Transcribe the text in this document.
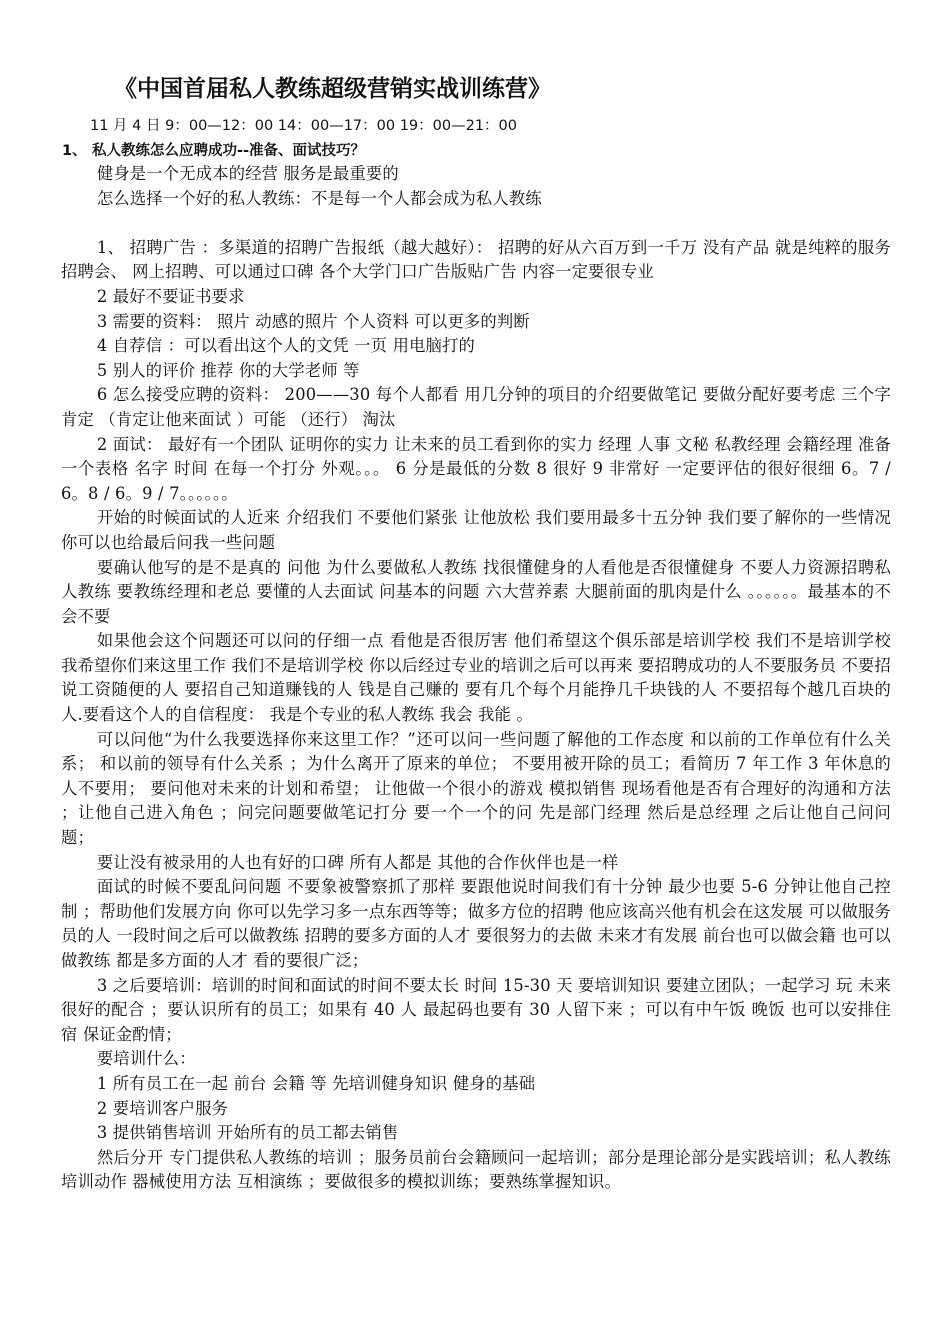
《中国首届私人教练超级营销实战训练营》
11 月 4 日 9：00—12：00 14：00—17：00 19：00—21：00
1、 私人教练怎么应聘成功--准备、面试技巧？

健身是一个无成本的经营 服务是最重要的

怎么选择一个好的私人教练：不是每一个人都会成为私人教练

1、 招聘广告 ：多渠道的招聘广告报纸（越大越好）： 招聘的好从六百万到一千万 没有产品 就是纯粹的服务招聘会、 网上招聘、可以通过口碑 各个大学门口广告版贴广告 内容一定要很专业

2 最好不要证书要求

3 需要的资料： 照片 动感的照片 个人资料 可以更多的判断

4 自荐信 ：可以看出这个人的文凭 一页 用电脑打的

5 别人的评价 推荐 你的大学老师 等

6 怎么接受应聘的资料： 200——30 每个人都看 用几分钟的项目的介绍要做笔记 要做分配好要考虑 三个字 肯定 （肯定让他来面试 ）可能 （还行） 淘汰

2 面试： 最好有一个团队 证明你的实力 让未来的员工看到你的实力 经理 人事 文秘 私教经理 会籍经理 准备一个表格 名字 时间 在每一个打分 外观。。。 6 分是最低的分数 8 很好 9 非常好 一定要评估的很好很细 6。7 / 6。8 / 6。9 / 7。。。。。。

开始的时候面试的人近来 介绍我们 不要他们紧张 让他放松 我们要用最多十五分钟 我们要了解你的一些情况 你可以也给最后问我一些问题

要确认他写的是不是真的 问他 为什么要做私人教练 找很懂健身的人看他是否很懂健身 不要人力资源招聘私人教练 要教练经理和老总 要懂的人去面试 问基本的问题 六大营养素 大腿前面的肌肉是什么 。。。。。。最基本的不会不要

如果他会这个问题还可以问的仔细一点 看他是否很厉害 他们希望这个俱乐部是培训学校 我们不是培训学校 我希望你们来这里工作 我们不是培训学校 你以后经过专业的培训之后可以再来 要招聘成功的人不要服务员 不要招说工资随便的人 要招自己知道赚钱的人 钱是自己赚的 要有几个每个月能挣几千块钱的人 不要招每个越几百块的人.要看这个人的自信程度： 我是个专业的私人教练 我会 我能 。

可以问他“为什么我要选择你来这里工作？”还可以问一些问题了解他的工作态度 和以前的工作单位有什么关系； 和以前的领导有什么关系 ；为什么离开了原来的单位； 不要用被开除的员工；看简历 7 年工作 3 年休息的人不要用； 要问他对未来的计划和希望； 让他做一个很小的游戏 模拟销售 现场看他是否有合理好的沟通和方法 ；让他自己进入角色 ；问完问题要做笔记打分 要一个一个的问 先是部门经理 然后是总经理 之后让他自己问问题；

要让没有被录用的人也有好的口碑 所有人都是 其他的合作伙伴也是一样

面试的时候不要乱问问题 不要象被警察抓了那样 要跟他说时间我们有十分钟 最少也要 5-6 分钟让他自己控制 ；帮助他们发展方向 你可以先学习多一点东西等等；做多方位的招聘 他应该高兴他有机会在这发展 可以做服务员的人 一段时间之后可以做教练 招聘的要多方面的人才 要很努力的去做 未来才有发展 前台也可以做会籍 也可以做教练 都是多方面的人才 看的要很广泛；

3 之后要培训：培训的时间和面试的时间不要太长 时间 15-30 天 要培训知识 要建立团队；一起学习 玩 未来很好的配合 ；要认识所有的员工；如果有 40 人 最起码也要有 30 人留下来 ；可以有中午饭 晚饭 也可以安排住宿 保证金酌情；

要培训什么：

1 所有员工在一起 前台 会籍 等 先培训健身知识 健身的基础

2 要培训客户服务

3 提供销售培训 开始所有的员工都去销售

然后分开 专门提供私人教练的培训 ；服务员前台会籍顾问一起培训；部分是理论部分是实践培训；私人教练培训动作 器械使用方法 互相演练 ；要做很多的模拟训练；要熟练掌握知识。
